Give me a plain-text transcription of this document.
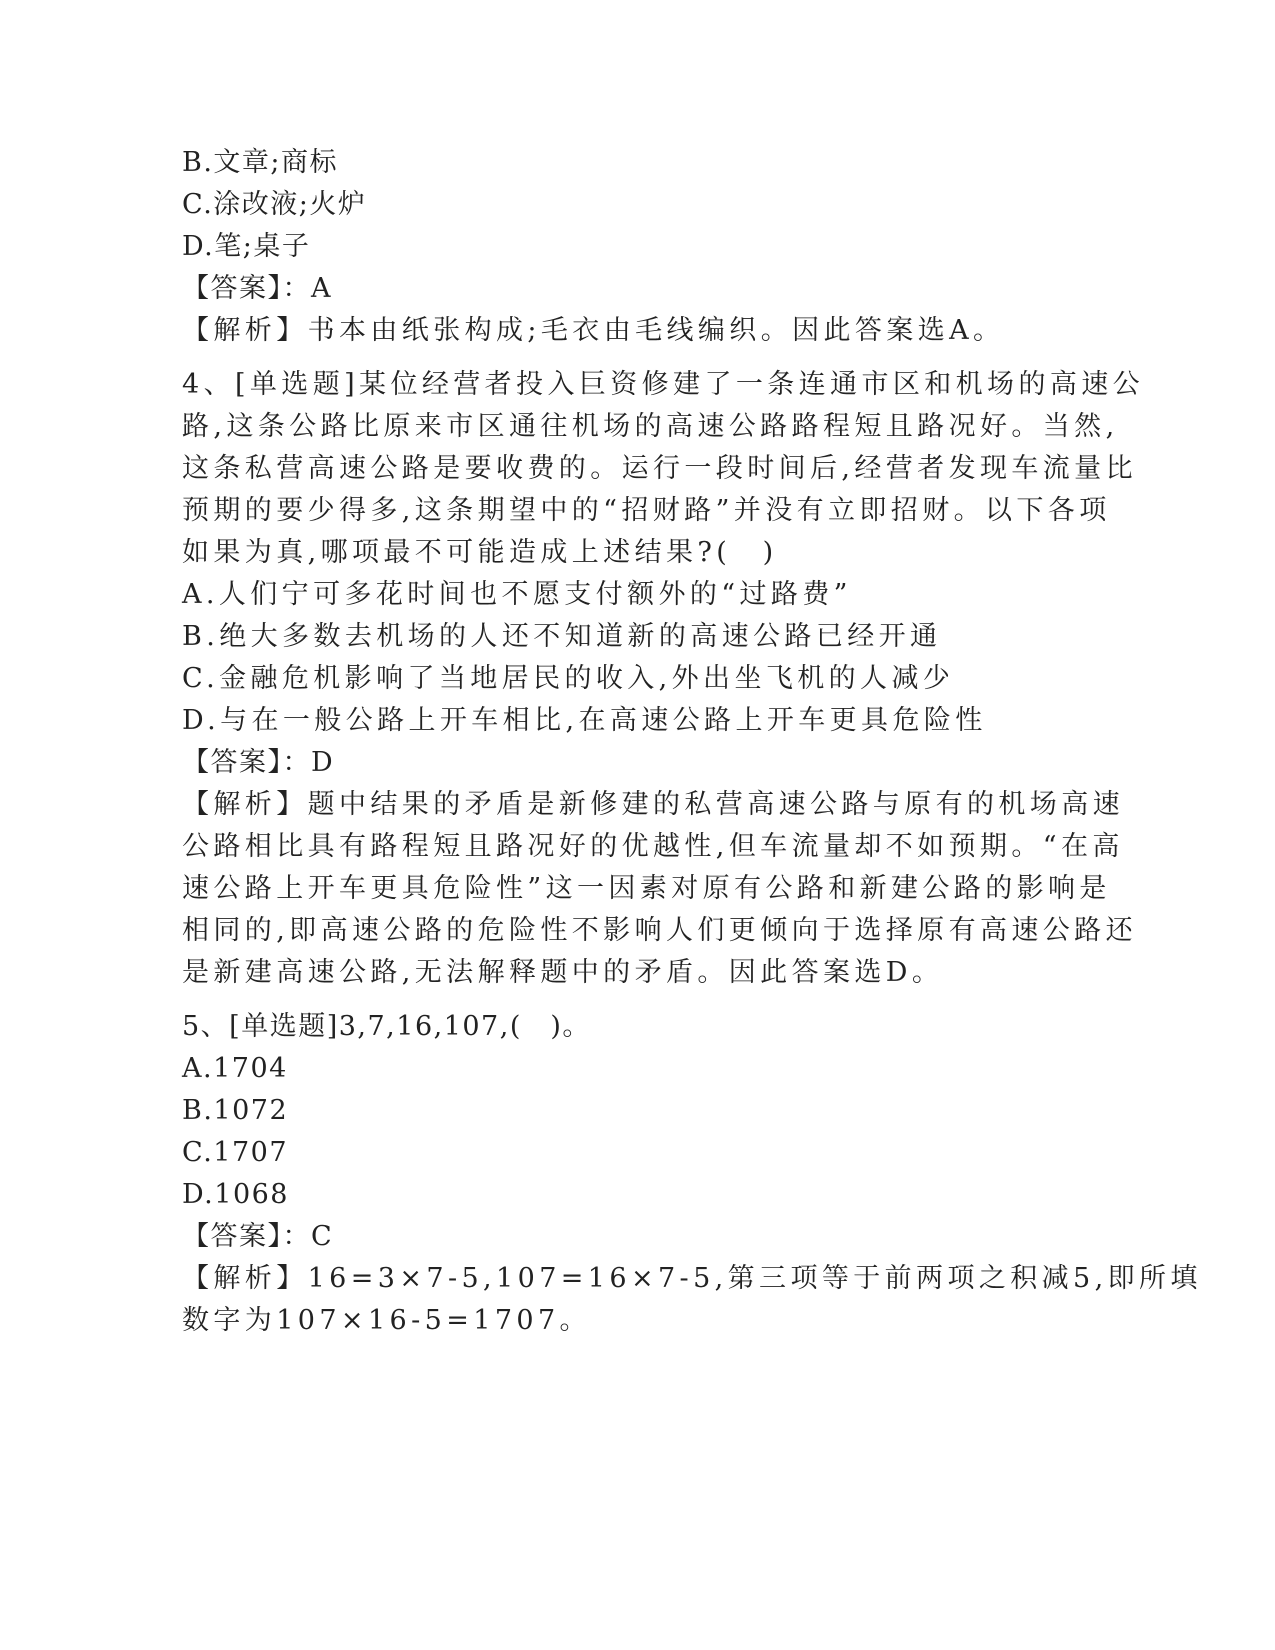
B.文章;商标
C.涂改液;火炉
D.笔;桌子
【答案】：A
【解析】书本由纸张构成;毛衣由毛线编织。因此答案选A。
4、[单选题]某位经营者投入巨资修建了一条连通市区和机场的高速公
路,这条公路比原来市区通往机场的高速公路路程短且路况好。当然,
这条私营高速公路是要收费的。运行一段时间后,经营者发现车流量比
预期的要少得多,这条期望中的“招财路”并没有立即招财。以下各项
如果为真,哪项最不可能造成上述结果?(　)
A.人们宁可多花时间也不愿支付额外的“过路费”
B.绝大多数去机场的人还不知道新的高速公路已经开通
C.金融危机影响了当地居民的收入,外出坐飞机的人减少
D.与在一般公路上开车相比,在高速公路上开车更具危险性
【答案】：D
【解析】题中结果的矛盾是新修建的私营高速公路与原有的机场高速
公路相比具有路程短且路况好的优越性,但车流量却不如预期。“在高
速公路上开车更具危险性”这一因素对原有公路和新建公路的影响是
相同的,即高速公路的危险性不影响人们更倾向于选择原有高速公路还
是新建高速公路,无法解释题中的矛盾。因此答案选D。
5、[单选题]3,7,16,107,(　)。
A.1704
B.1072
C.1707
D.1068
【答案】：C
【解析】16=3×7-5,107=16×7-5,第三项等于前两项之积减5,即所填
数字为107×16-5=1707。
